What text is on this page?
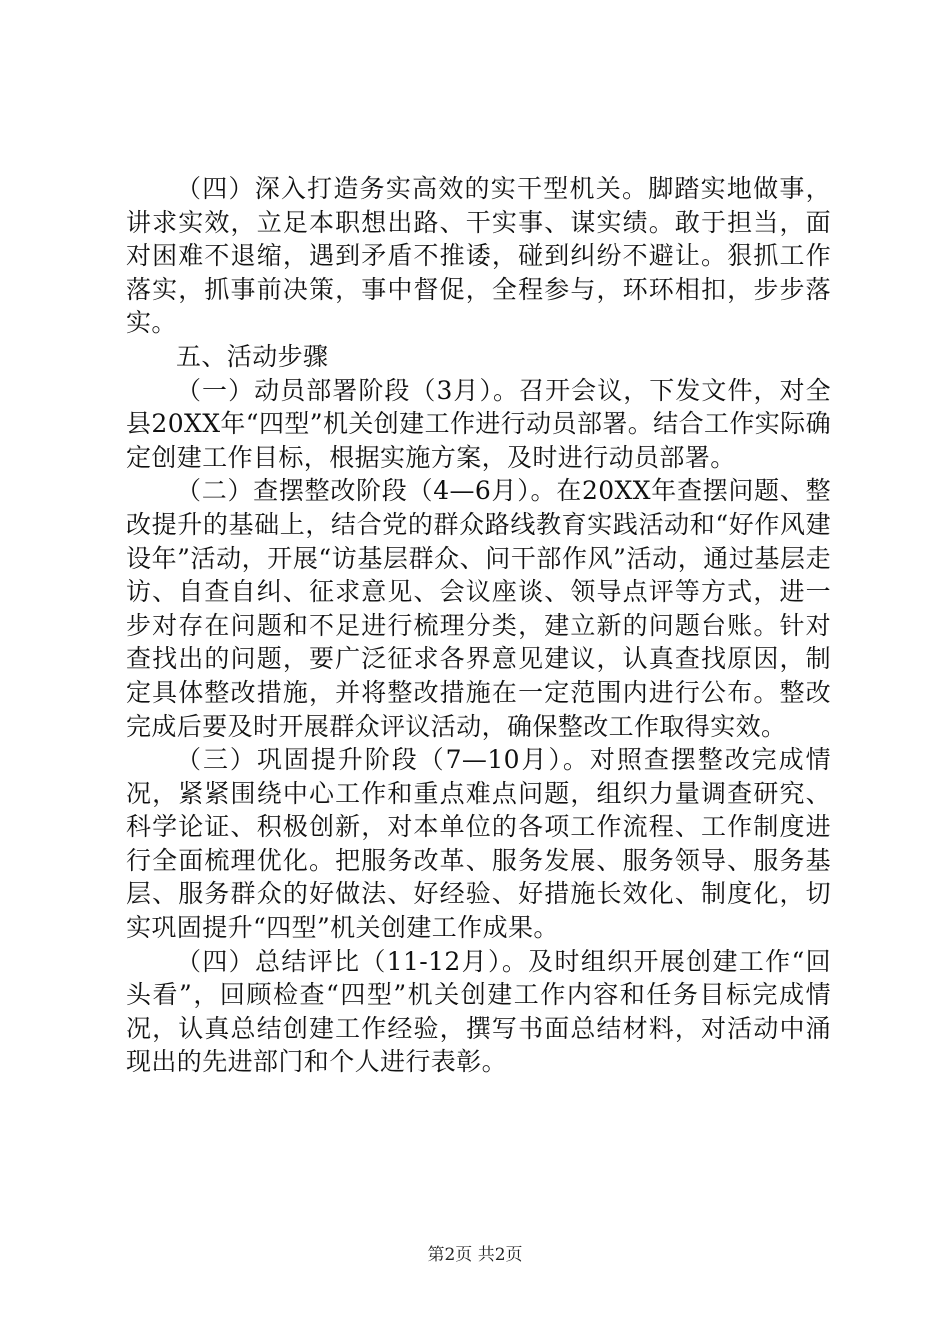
（四）深入打造务实高效的实干型机关。脚踏实地做事，讲求实效，立足本职想出路、干实事、谋实绩。敢于担当，面对困难不退缩，遇到矛盾不推诿，碰到纠纷不避让。狠抓工作落实，抓事前决策，事中督促，全程参与，环环相扣，步步落实。

五、活动步骤

（一）动员部署阶段（3月）。召开会议，下发文件，对全县20XX年“四型”机关创建工作进行动员部署。结合工作实际确定创建工作目标，根据实施方案，及时进行动员部署。

（二）查摆整改阶段（4—6月）。在20XX年查摆问题、整改提升的基础上，结合党的群众路线教育实践活动和“好作风建设年”活动，开展“访基层群众、问干部作风”活动，通过基层走访、自查自纠、征求意见、会议座谈、领导点评等方式，进一步对存在问题和不足进行梳理分类，建立新的问题台账。针对查找出的问题，要广泛征求各界意见建议，认真查找原因，制定具体整改措施，并将整改措施在一定范围内进行公布。整改完成后要及时开展群众评议活动，确保整改工作取得实效。

（三）巩固提升阶段（7—10月）。对照查摆整改完成情况，紧紧围绕中心工作和重点难点问题，组织力量调查研究、科学论证、积极创新，对本单位的各项工作流程、工作制度进行全面梳理优化。把服务改革、服务发展、服务领导、服务基层、服务群众的好做法、好经验、好措施长效化、制度化，切实巩固提升“四型”机关创建工作成果。

（四）总结评比（11-12月）。及时组织开展创建工作“回头看”，回顾检查“四型”机关创建工作内容和任务目标完成情况，认真总结创建工作经验，撰写书面总结材料，对活动中涌现出的先进部门和个人进行表彰。

第2页 共2页
